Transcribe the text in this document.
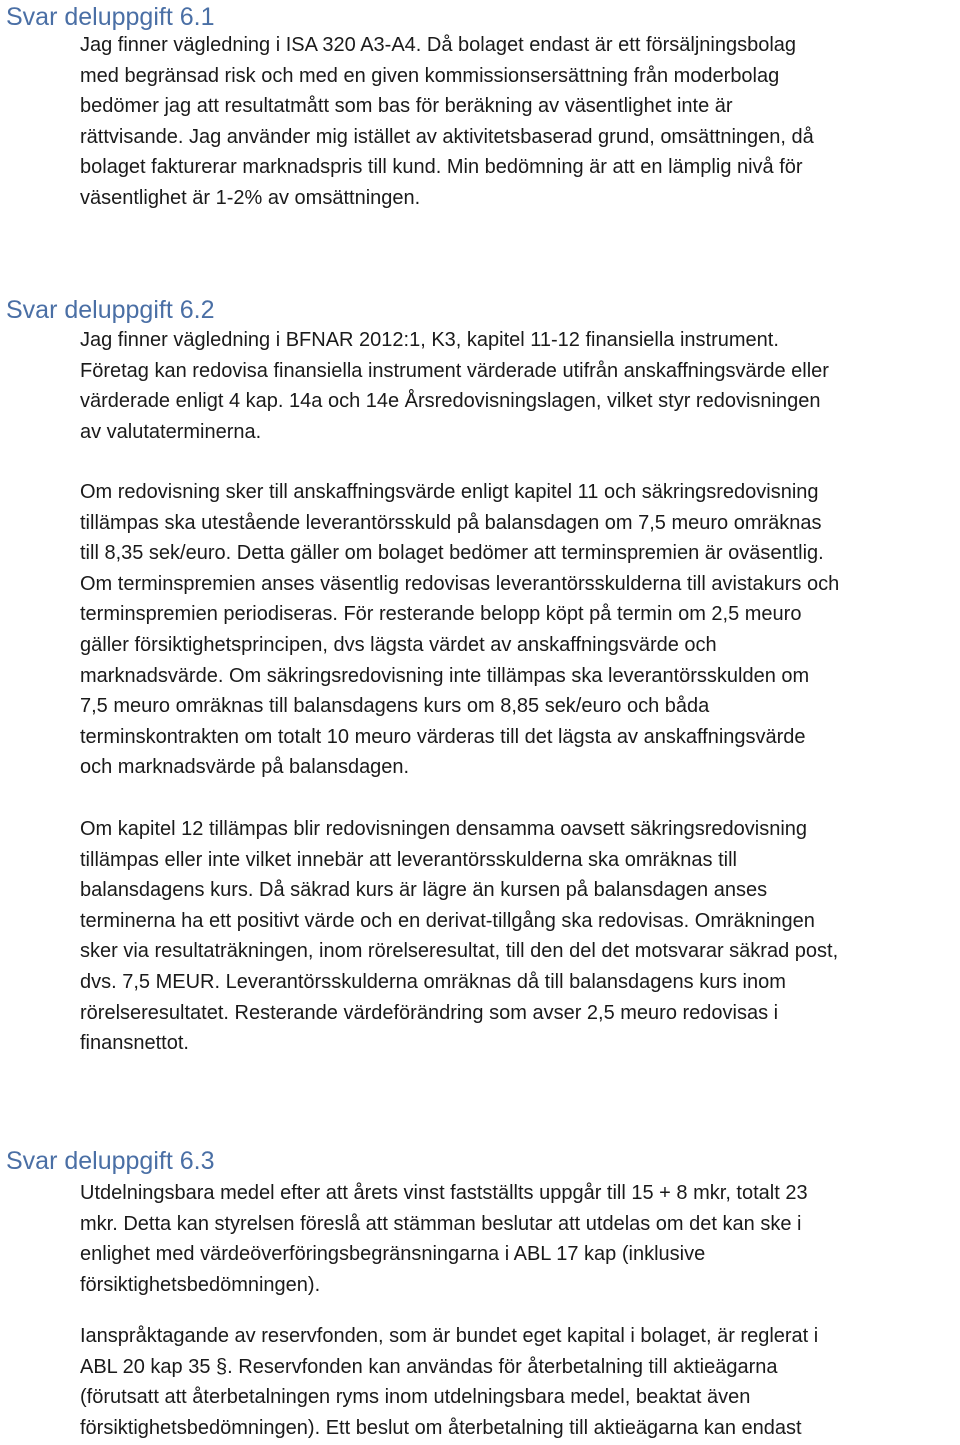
Svar deluppgift 6.1
Jag finner vägledning i ISA 320 A3-A4. Då bolaget endast är ett försäljningsbolag
med begränsad risk och med en given kommissionsersättning från moderbolag
bedömer jag att resultatmått som bas för beräkning av väsentlighet inte är
rättvisande. Jag använder mig istället av aktivitetsbaserad grund, omsättningen, då
bolaget fakturerar marknadspris till kund. Min bedömning är att en lämplig nivå för
väsentlighet är 1-2% av omsättningen.
Svar deluppgift 6.2
Jag finner vägledning i BFNAR 2012:1, K3, kapitel 11-12 finansiella instrument.
Företag kan redovisa finansiella instrument värderade utifrån anskaffningsvärde eller
värderade enligt 4 kap. 14a och 14e Årsredovisningslagen, vilket styr redovisningen
av valutaterminerna.
Om redovisning sker till anskaffningsvärde enligt kapitel 11 och säkringsredovisning
tillämpas ska utestående leverantörsskuld på balansdagen om 7,5 meuro omräknas
till 8,35 sek/euro. Detta gäller om bolaget bedömer att terminspremien är oväsentlig.
Om terminspremien anses väsentlig redovisas leverantörsskulderna till avistakurs och
terminspremien periodiseras. För resterande belopp köpt på termin om 2,5 meuro
gäller försiktighetsprincipen, dvs lägsta värdet av anskaffningsvärde och
marknadsvärde. Om säkringsredovisning inte tillämpas ska leverantörsskulden om
7,5 meuro omräknas till balansdagens kurs om 8,85 sek/euro och båda
terminskontrakten om totalt 10 meuro värderas till det lägsta av anskaffningsvärde
och marknadsvärde på balansdagen.
Om kapitel 12 tillämpas blir redovisningen densamma oavsett säkringsredovisning
tillämpas eller inte vilket innebär att leverantörsskulderna ska omräknas till
balansdagens kurs. Då säkrad kurs är lägre än kursen på balansdagen anses
terminerna ha ett positivt värde och en derivat-tillgång ska redovisas. Omräkningen
sker via resultaträkningen, inom rörelseresultat, till den del det motsvarar säkrad post,
dvs. 7,5 MEUR. Leverantörsskulderna omräknas då till balansdagens kurs inom
rörelseresultatet. Resterande värdeförändring som avser 2,5 meuro redovisas i
finansnettot.
Svar deluppgift 6.3
Utdelningsbara medel efter att årets vinst fastställts uppgår till 15 + 8 mkr, totalt 23
mkr. Detta kan styrelsen föreslå att stämman beslutar att utdelas om det kan ske i
enlighet med värdeöverföringsbegränsningarna i ABL 17 kap (inklusive
försiktighetsbedömningen).
Ianspråktagande av reservfonden, som är bundet eget kapital i bolaget, är reglerat i
ABL 20 kap 35 §. Reservfonden kan användas för återbetalning till aktieägarna
(förutsatt att återbetalningen ryms inom utdelningsbara medel, beaktat även
försiktighetsbedömningen). Ett beslut om återbetalning till aktieägarna kan endast
